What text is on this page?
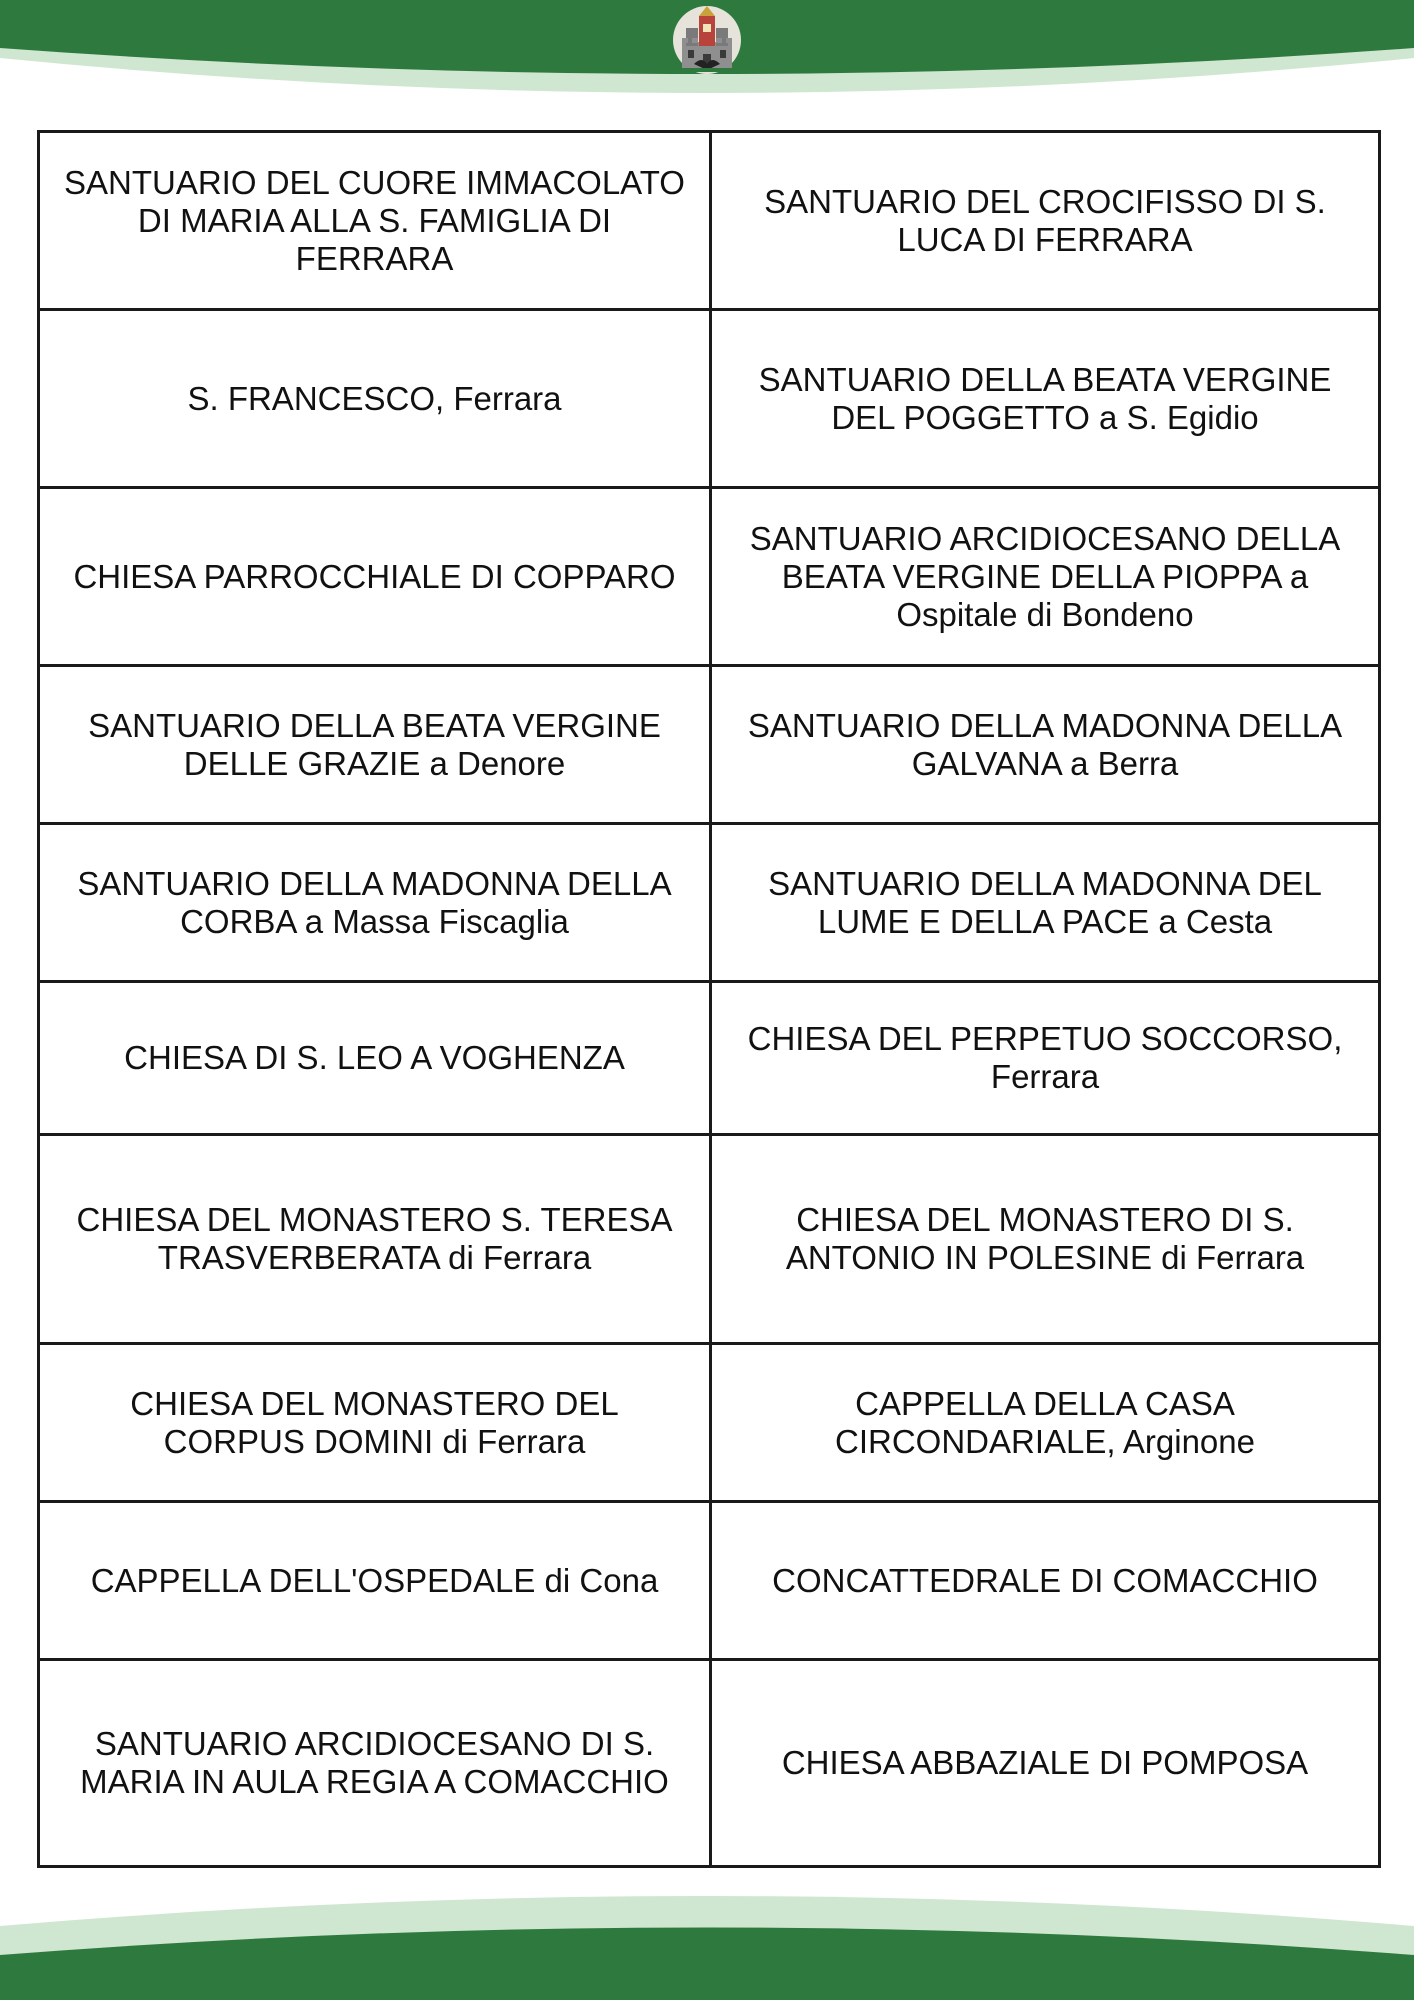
SANTUARIO DEL CUORE IMMACOLATO DI MARIA ALLA S. FAMIGLIA DI FERRARA	SANTUARIO DEL CROCIFISSO DI S. LUCA DI FERRARA
S. FRANCESCO, Ferrara	SANTUARIO DELLA BEATA VERGINE DEL POGGETTO a S. Egidio
CHIESA PARROCCHIALE DI COPPARO	SANTUARIO ARCIDIOCESANO DELLA BEATA VERGINE DELLA PIOPPA a Ospitale di Bondeno
SANTUARIO DELLA BEATA VERGINE DELLE GRAZIE a Denore	SANTUARIO DELLA MADONNA DELLA GALVANA a Berra
SANTUARIO DELLA MADONNA DELLA CORBA a Massa Fiscaglia	SANTUARIO DELLA MADONNA DEL LUME E DELLA PACE a Cesta
CHIESA DI S. LEO A VOGHENZA	CHIESA DEL PERPETUO SOCCORSO, Ferrara
CHIESA DEL MONASTERO S. TERESA TRASVERBERATA di Ferrara	CHIESA DEL MONASTERO DI S. ANTONIO IN POLESINE di Ferrara
CHIESA DEL MONASTERO DEL CORPUS DOMINI di Ferrara	CAPPELLA DELLA CASA CIRCONDARIALE, Arginone
CAPPELLA DELL'OSPEDALE di Cona	CONCATTEDRALE DI COMACCHIO
SANTUARIO ARCIDIOCESANO DI S. MARIA IN AULA REGIA A COMACCHIO	CHIESA ABBAZIALE DI POMPOSA
